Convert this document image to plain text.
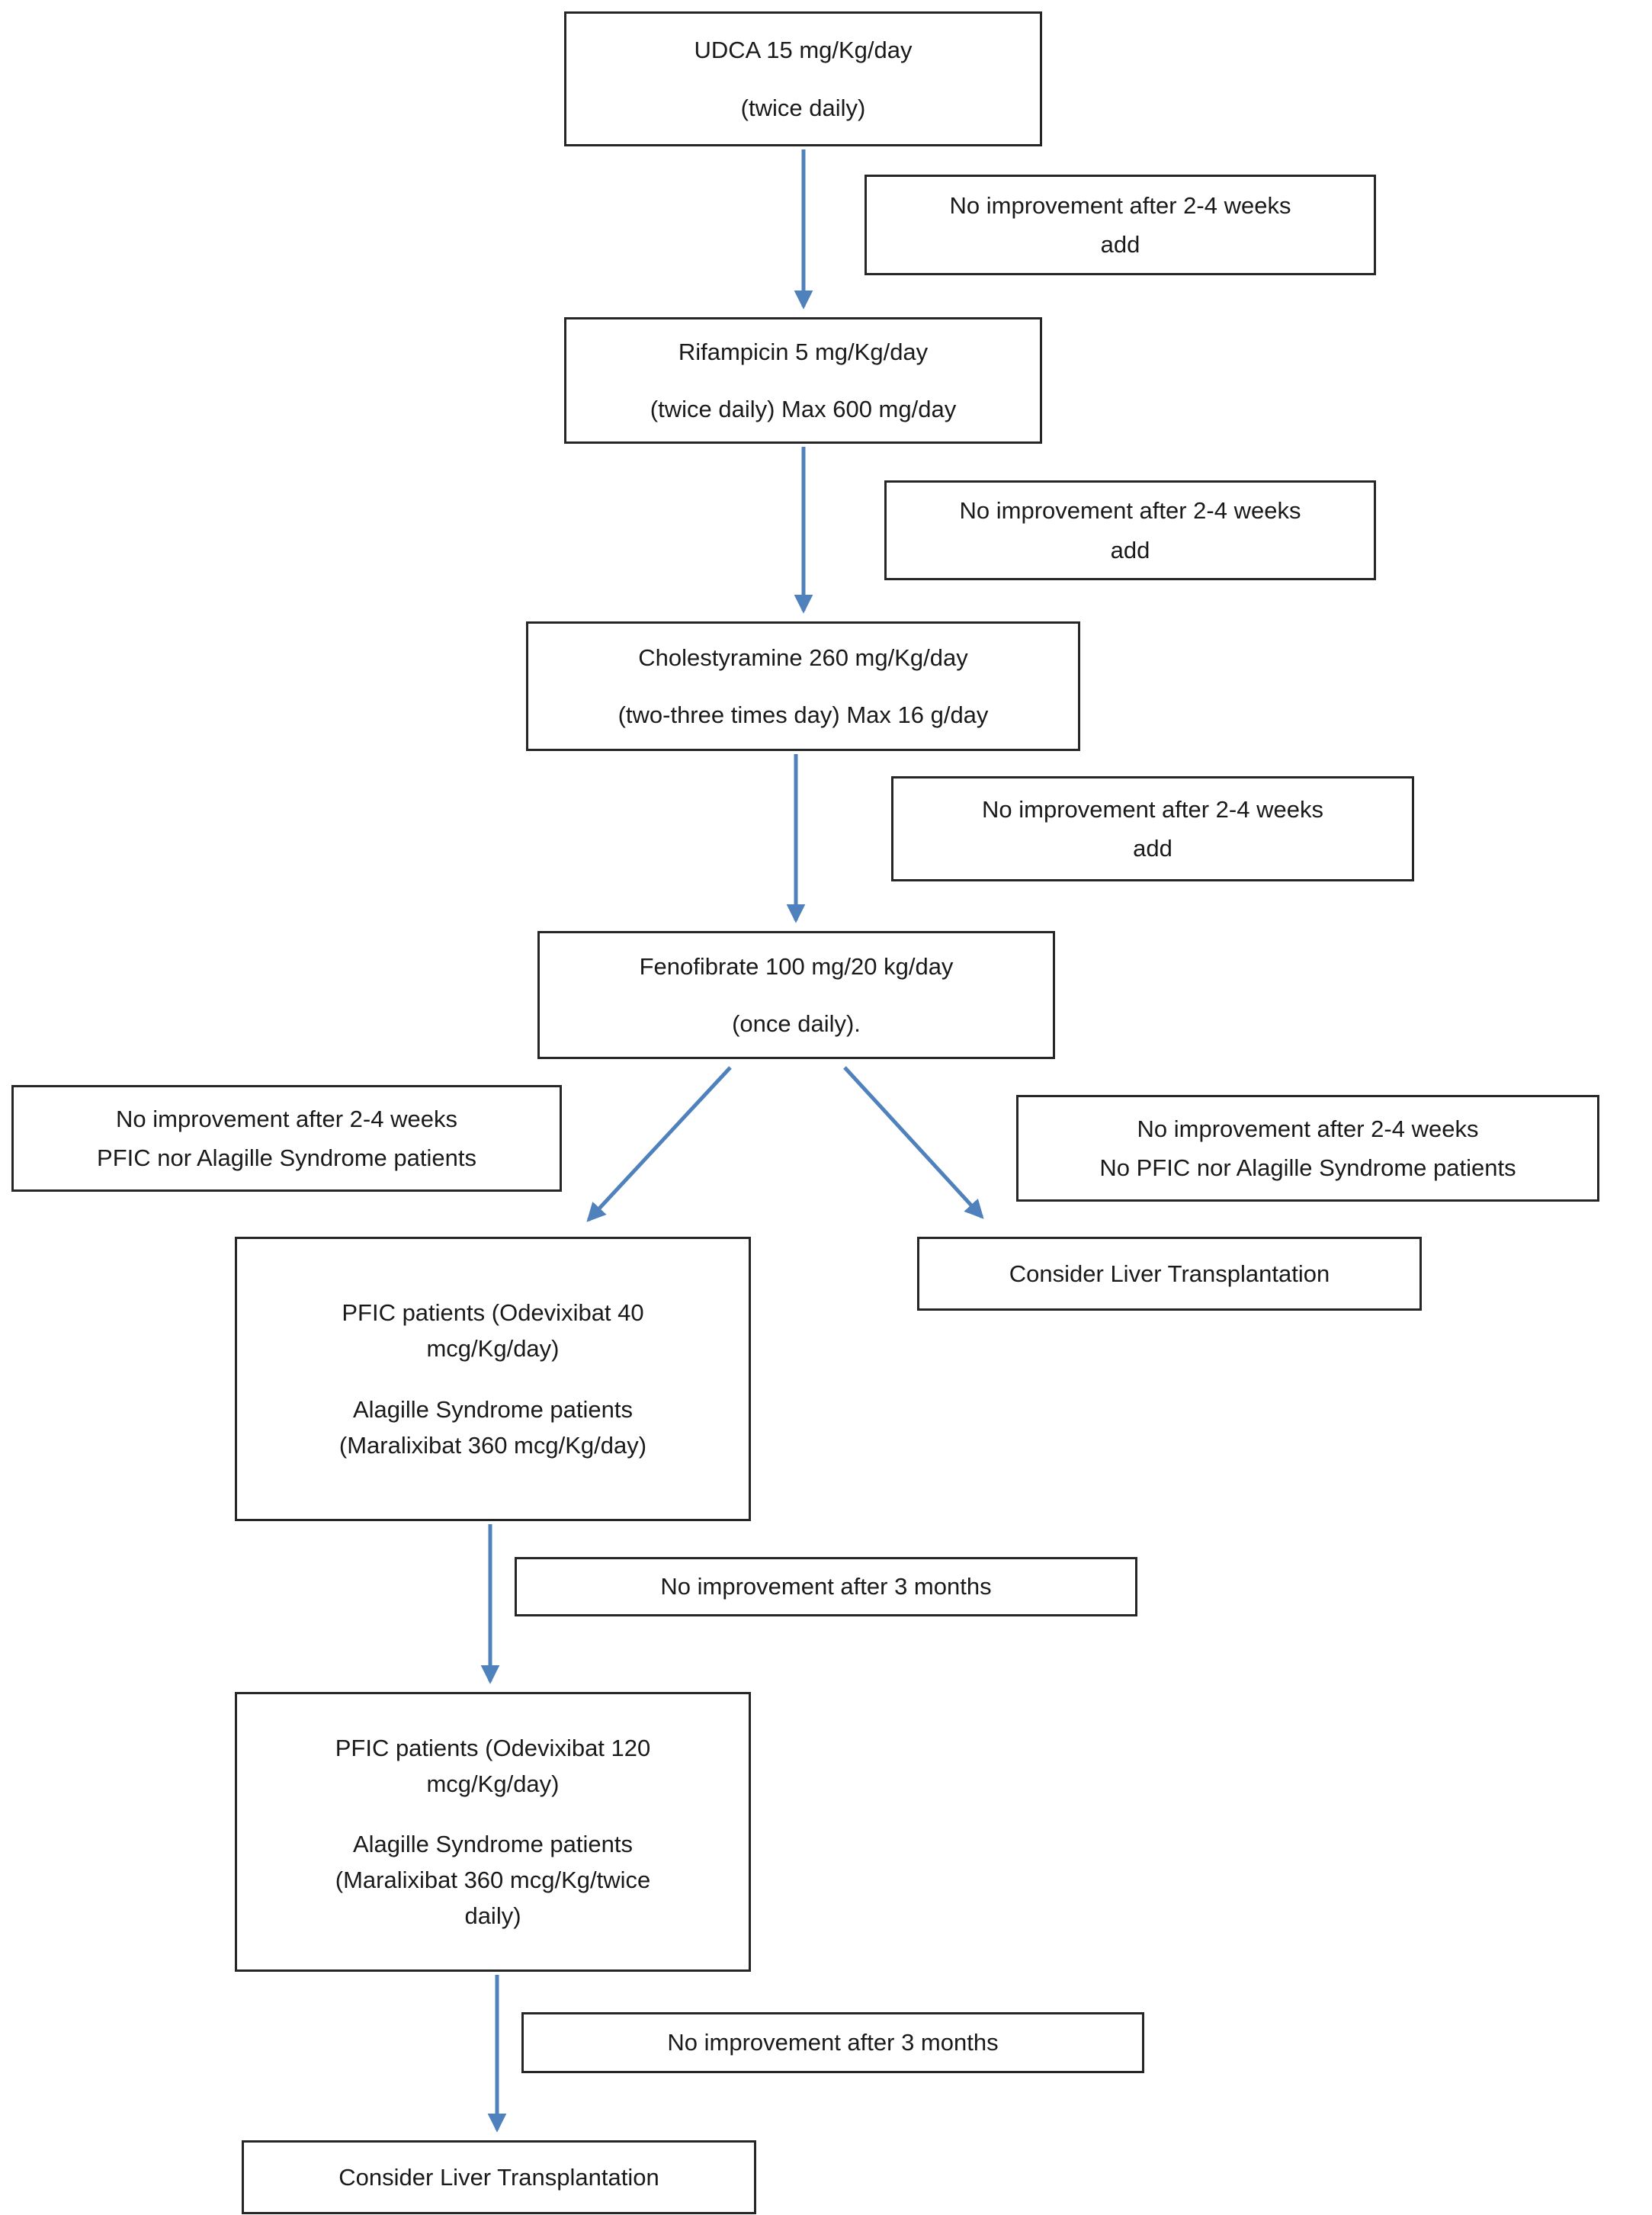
UDCA 15 mg/Kg/day
(twice daily)
No improvement after 2-4 weeks
add
Rifampicin 5 mg/Kg/day
(twice daily) Max 600 mg/day
No improvement after 2-4 weeks
add
Cholestyramine 260 mg/Kg/day
(two-three times day) Max 16 g/day
No improvement after 2-4 weeks
add
Fenofibrate 100 mg/20 kg/day
(once daily).
No improvement after 2-4 weeks
PFIC nor Alagille Syndrome patients
No improvement after 2-4 weeks
No PFIC nor Alagille Syndrome patients
PFIC patients (Odevixibat 40
mcg/Kg/day)
Alagille Syndrome patients
(Maralixibat 360 mcg/Kg/day)
Consider Liver Transplantation
No improvement after 3 months
PFIC patients (Odevixibat 120
mcg/Kg/day)
Alagille Syndrome patients
(Maralixibat 360 mcg/Kg/twice
daily)
No improvement after 3 months
Consider Liver Transplantation
